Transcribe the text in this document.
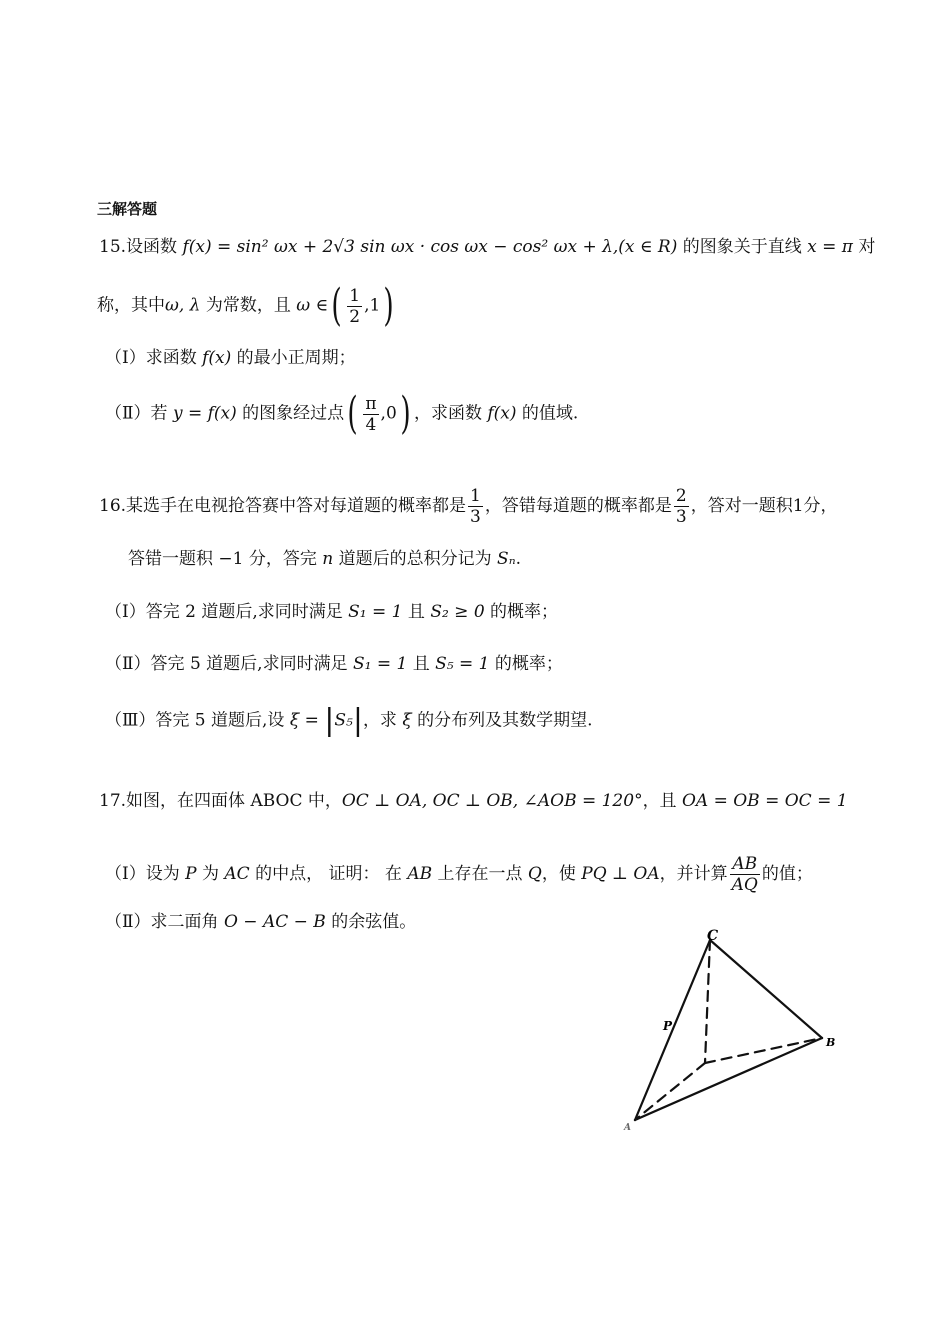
三解答题
15.设函数 f(x) = sin² ωx + 2√3 sin ωx · cos ωx − cos² ωx + λ,(x ∈ R) 的图象关于直线 x = π 对
称，其中ω, λ 为常数，且 ω ∈( $\frac{1}{2} ,1$)
（Ⅰ）求函数 f(x) 的最小正周期；
（Ⅱ）若 y = f(x) 的图象经过点( $\frac{\pi}{4} ,0$) ，求函数 f(x) 的值域.
16.某选手在电视抢答赛中答对每道题的概率都是 $\frac{1}{3}$ ，答错每道题的概率都是 $\frac{2}{3}$ ，答对一题积1分，
答错一题积 −1 分，答完 n 道题后的总积分记为 Sₙ.
（Ⅰ）答完 2 道题后,求同时满足 S₁ = 1 且 S₂ ≥ 0 的概率；
（Ⅱ）答完 5 道题后,求同时满足 S₁ = 1 且 S₅ = 1 的概率；
（Ⅲ）答完 5 道题后,设 ξ = |S₅|，求 ξ 的分布列及其数学期望.
17.如图，在四面体 ABOC 中，OC ⊥ OA, OC ⊥ OB, ∠AOB = 120°，且 OA = OB = OC = 1
（Ⅰ）设为 P 为 AC 的中点， 证明： 在 AB 上存在一点 Q，使 PQ ⊥ OA，并计算 $\frac{AB}{AQ}$ 的值；
（Ⅱ）求二面角 O − AC − B 的余弦值。
C
B
P
A
